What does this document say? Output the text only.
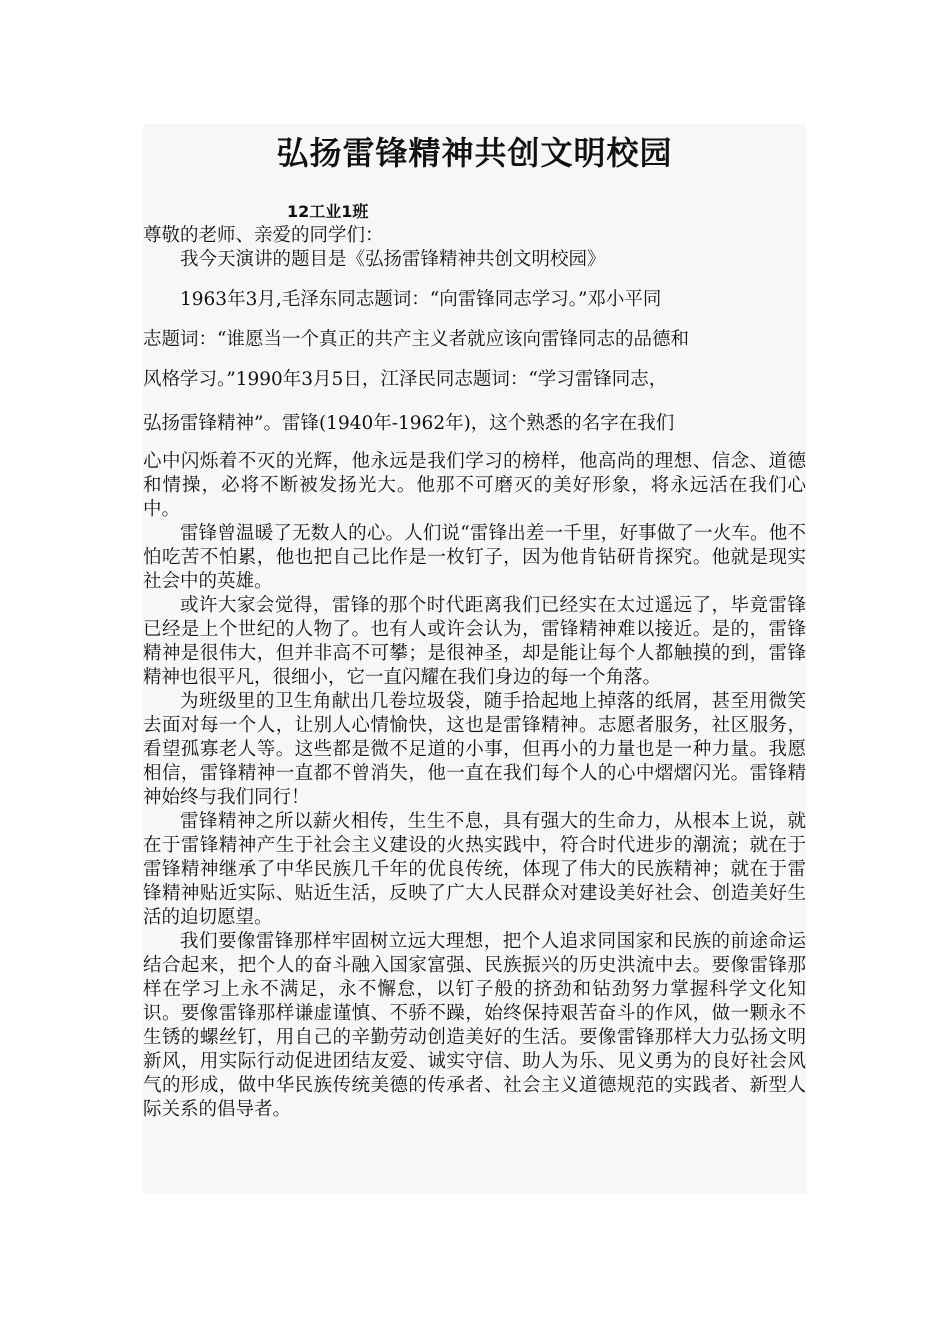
弘扬雷锋精神共创文明校园
12工业1班

尊敬的老师、亲爱的同学们：

我今天演讲的题目是《弘扬雷锋精神共创文明校园》

1963年3月,毛泽东同志题词：“向雷锋同志学习。”邓小平同
志题词：“谁愿当一个真正的共产主义者就应该向雷锋同志的品德和
风格学习。”1990年3月5日，江泽民同志题词：“学习雷锋同志，

弘扬雷锋精神”。雷锋(1940年-1962年)，这个熟悉的名字在我们

心中闪烁着不灭的光辉，他永远是我们学习的榜样，他高尚的理想、信念、道德和情操，必将不断被发扬光大。他那不可磨灭的美好形象，将永远活在我们心中。

雷锋曾温暖了无数人的心。人们说“雷锋出差一千里，好事做了一火车。他不怕吃苦不怕累，他也把自己比作是一枚钉子，因为他肯钻研肯探究。他就是现实社会中的英雄。

或许大家会觉得，雷锋的那个时代距离我们已经实在太过遥远了，毕竟雷锋已经是上个世纪的人物了。也有人或许会认为，雷锋精神难以接近。是的，雷锋精神是很伟大，但并非高不可攀；是很神圣，却是能让每个人都触摸的到，雷锋精神也很平凡，很细小，它一直闪耀在我们身边的每一个角落。

为班级里的卫生角献出几卷垃圾袋，随手拾起地上掉落的纸屑，甚至用微笑去面对每一个人，让别人心情愉快，这也是雷锋精神。志愿者服务，社区服务，看望孤寡老人等。这些都是微不足道的小事，但再小的力量也是一种力量。我愿相信，雷锋精神一直都不曾消失，他一直在我们每个人的心中熠熠闪光。雷锋精神始终与我们同行！

雷锋精神之所以薪火相传，生生不息，具有强大的生命力，从根本上说，就在于雷锋精神产生于社会主义建设的火热实践中，符合时代进步的潮流；就在于雷锋精神继承了中华民族几千年的优良传统，体现了伟大的民族精神；就在于雷锋精神贴近实际、贴近生活，反映了广大人民群众对建设美好社会、创造美好生活的迫切愿望。

我们要像雷锋那样牢固树立远大理想，把个人追求同国家和民族的前途命运结合起来，把个人的奋斗融入国家富强、民族振兴的历史洪流中去。要像雷锋那样在学习上永不满足，永不懈怠，以钉子般的挤劲和钻劲努力掌握科学文化知识。要像雷锋那样谦虚谨慎、不骄不躁，始终保持艰苦奋斗的作风，做一颗永不生锈的螺丝钉，用自己的辛勤劳动创造美好的生活。要像雷锋那样大力弘扬文明新风，用实际行动促进团结友爱、诚实守信、助人为乐、见义勇为的良好社会风气的形成，做中华民族传统美德的传承者、社会主义道德规范的实践者、新型人际关系的倡导者。
